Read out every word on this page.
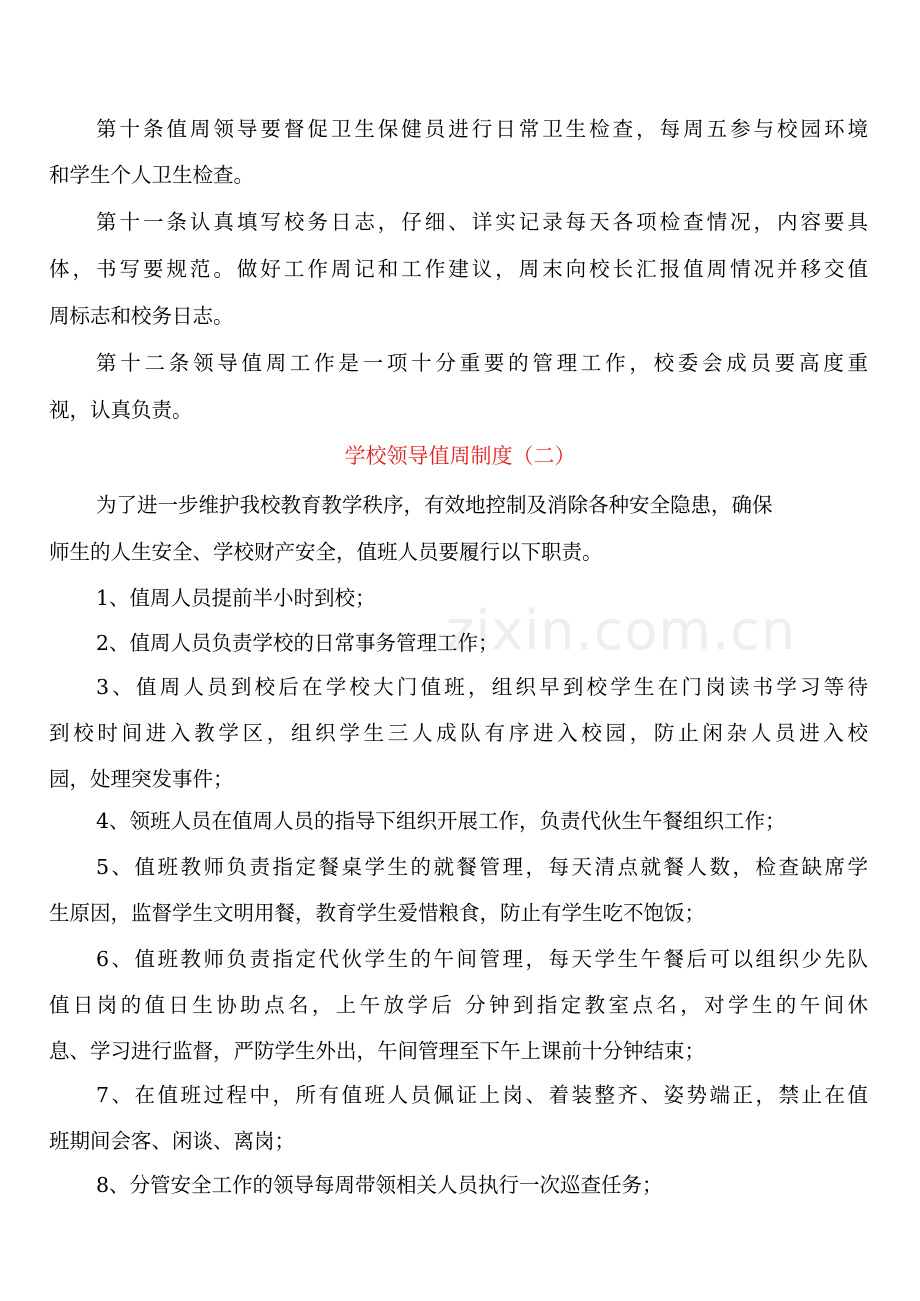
zixin.com.cn
第十条值周领导要督促卫生保健员进行日常卫生检查，每周五参与校园环境
和学生个人卫生检查。
第十一条认真填写校务日志，仔细、详实记录每天各项检查情况，内容要具
体，书写要规范。做好工作周记和工作建议，周末向校长汇报值周情况并移交值
周标志和校务日志。
第十二条领导值周工作是一项十分重要的管理工作，校委会成员要高度重
视，认真负责。
学校领导值周制度（二）
为了进一步维护我校教育教学秩序，有效地控制及消除各种安全隐患，确保
师生的人生安全、学校财产安全，值班人员要履行以下职责。
1、值周人员提前半小时到校；
2、值周人员负责学校的日常事务管理工作；
3、值周人员到校后在学校大门值班，组织早到校学生在门岗读书学习等待
到校时间进入教学区，组织学生三人成队有序进入校园，防止闲杂人员进入校
园，处理突发事件；
4、领班人员在值周人员的指导下组织开展工作，负责代伙生午餐组织工作；
5、值班教师负责指定餐桌学生的就餐管理，每天清点就餐人数，检查缺席学
生原因，监督学生文明用餐，教育学生爱惜粮食，防止有学生吃不饱饭；
6、值班教师负责指定代伙学生的午间管理，每天学生午餐后可以组织少先队
值日岗的值日生协助点名，上午放学后 分钟到指定教室点名，对学生的午间休
息、学习进行监督，严防学生外出，午间管理至下午上课前十分钟结束；
7、在值班过程中，所有值班人员佩证上岗、着装整齐、姿势端正，禁止在值
班期间会客、闲谈、离岗；
8、分管安全工作的领导每周带领相关人员执行一次巡查任务；
